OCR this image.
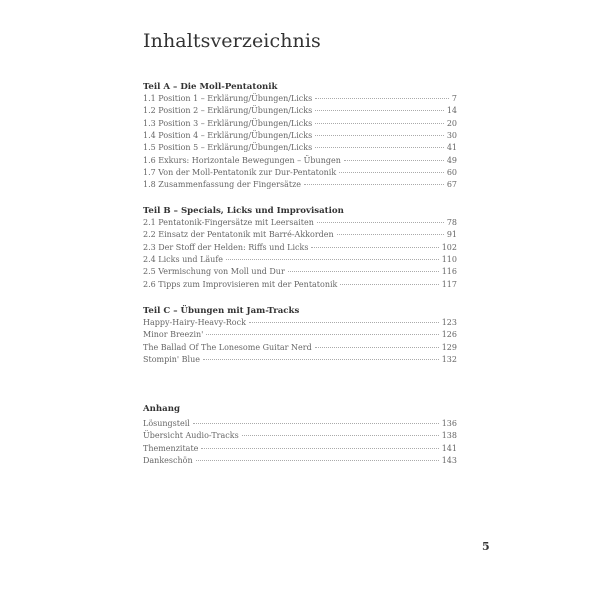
Inhaltsverzeichnis
Teil A – Die Moll-Pentatonik
1.1 Position 1 – Erklärung/Übungen/Licks	7
1.2 Position 2 – Erklärung/Übungen/Licks	14
1.3 Position 3 – Erklärung/Übungen/Licks	20
1.4 Position 4 – Erklärung/Übungen/Licks	30
1.5 Position 5 – Erklärung/Übungen/Licks	41
1.6 Exkurs: Horizontale Bewegungen – Übungen	49
1.7 Von der Moll-Pentatonik zur Dur-Pentatonik	60
1.8 Zusammenfassung der Fingersätze	67
Teil B – Specials, Licks und Improvisation
2.1 Pentatonik-Fingersätze mit Leersaiten	78
2.2 Einsatz der Pentatonik mit Barré-Akkorden	91
2.3 Der Stoff der Helden: Riffs und Licks	102
2.4 Licks und Läufe	110
2.5 Vermischung von Moll und Dur	116
2.6 Tipps zum Improvisieren mit der Pentatonik	117
Teil C – Übungen mit Jam-Tracks
Happy-Hairy-Heavy-Rock	123
Minor Breezin'	126
The Ballad Of The Lonesome Guitar Nerd	129
Stompin' Blue	132
Anhang
Lösungsteil	136
Übersicht Audio-Tracks	138
Themenzitate	141
Dankeschön	143
5
